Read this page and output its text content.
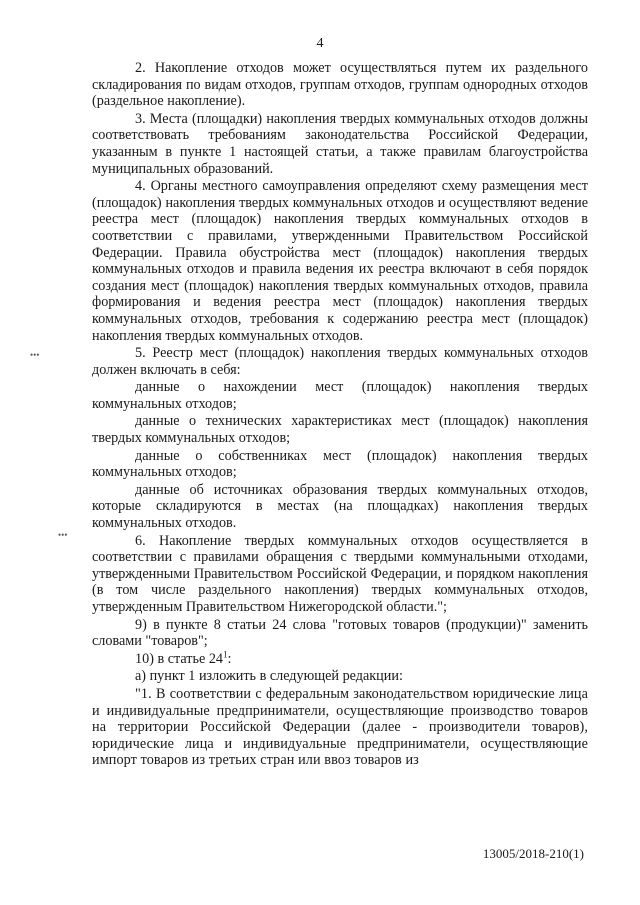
4
•••
•••

2. Накопление отходов может осуществляться путем их раздельного складирования по видам отходов, группам отходов, группам однородных отходов (раздельное накопление).

3. Места (площадки) накопления твердых коммунальных отходов должны соответствовать требованиям законодательства Российской Федерации, указанным в пункте 1 настоящей статьи, а также правилам благоустройства муниципальных образований.

4. Органы местного самоуправления определяют схему размещения мест (площадок) накопления твердых коммунальных отходов и осуществляют ведение реестра мест (площадок) накопления твердых коммунальных отходов в соответствии с правилами, утвержденными Правительством Российской Федерации. Правила обустройства мест (площадок) накопления твердых коммунальных отходов и правила ведения их реестра включают в себя порядок создания мест (площадок) накопления твердых коммунальных отходов, правила формирования и ведения реестра мест (площадок) накопления твердых коммунальных отходов, требования к содержанию реестра мест (площадок) накопления твердых коммунальных отходов.

5. Реестр мест (площадок) накопления твердых коммунальных отходов должен включать в себя:

данные о нахождении мест (площадок) накопления твердых коммунальных отходов;

данные о технических характеристиках мест (площадок) накопления твердых коммунальных отходов;

данные о собственниках мест (площадок) накопления твердых коммунальных отходов;

данные об источниках образования твердых коммунальных отходов, которые складируются в местах (на площадках) накопления твердых коммунальных отходов.

6. Накопление твердых коммунальных отходов осуществляется в соответствии с правилами обращения с твердыми коммунальными отходами, утвержденными Правительством Российской Федерации, и порядком накопления (в том числе раздельного накопления) твердых коммунальных отходов, утвержденным Правительством Нижегородской области.";

9) в пункте 8 статьи 24 слова "готовых товаров (продукции)" заменить словами "товаров";

10) в статье $24^1$:

а) пункт 1 изложить в следующей редакции:

"1. В соответствии с федеральным законодательством юридические лица и индивидуальные предприниматели, осуществляющие производство товаров на территории Российской Федерации (далее - производители товаров), юридические лица и индивидуальные предприниматели, осуществляющие импорт товаров из третьих стран или ввоз товаров из

13005/2018-210(1)
